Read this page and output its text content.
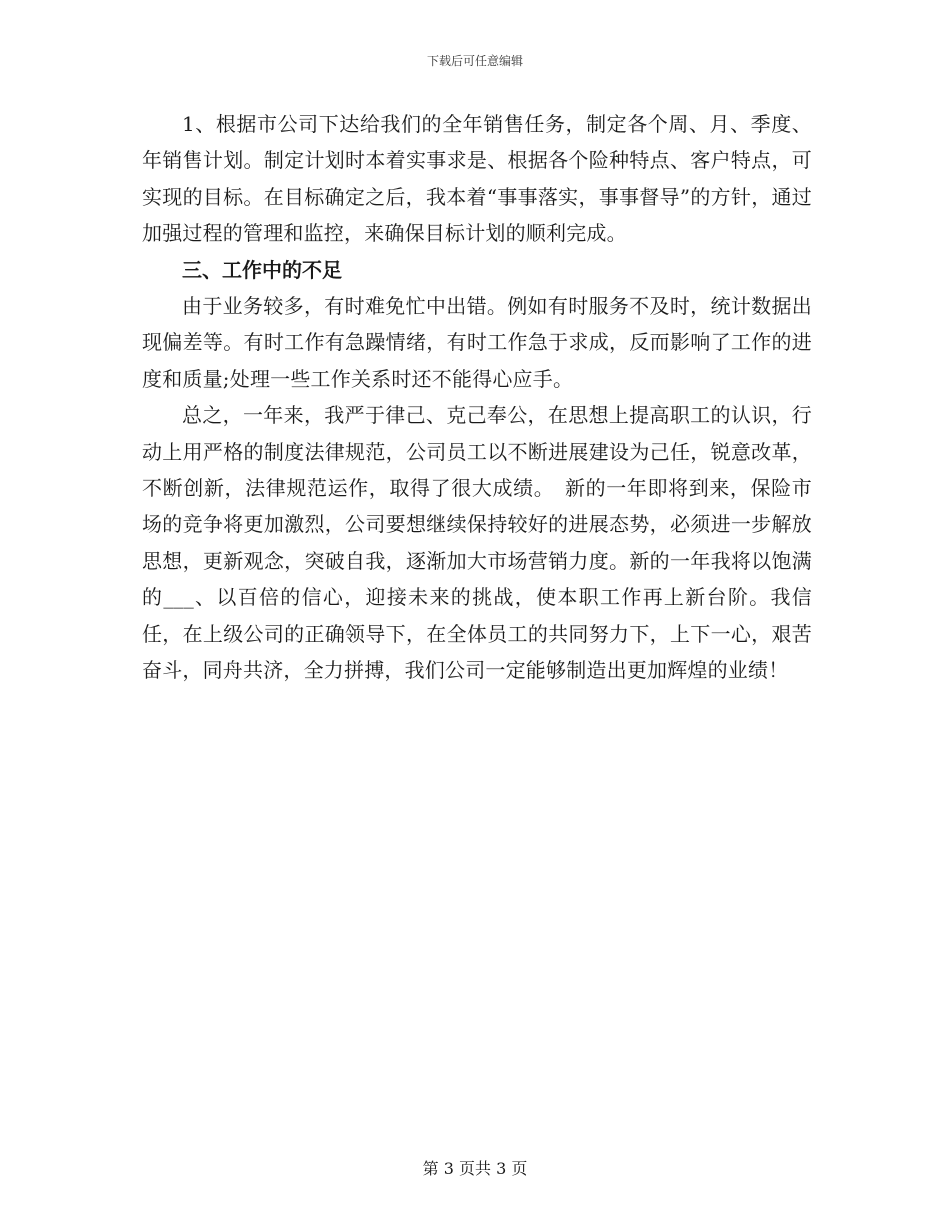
下载后可任意编辑

1、根据市公司下达给我们的全年销售任务，制定各个周、月、季度、年销售计划。制定计划时本着实事求是、根据各个险种特点、客户特点，可实现的目标。在目标确定之后，我本着“事事落实，事事督导”的方针，通过加强过程的管理和监控，来确保目标计划的顺利完成。

三、工作中的不足

由于业务较多，有时难免忙中出错。例如有时服务不及时，统计数据出现偏差等。有时工作有急躁情绪，有时工作急于求成，反而影响了工作的进度和质量;处理一些工作关系时还不能得心应手。

总之，一年来，我严于律己、克己奉公，在思想上提高职工的认识，行动上用严格的制度法律规范，公司员工以不断进展建设为己任，锐意改革，不断创新，法律规范运作，取得了很大成绩。　新的一年即将到来，保险市场的竞争将更加激烈，公司要想继续保持较好的进展态势，必须进一步解放思想，更新观念，突破自我，逐渐加大市场营销力度。新的一年我将以饱满的___、以百倍的信心，迎接未来的挑战，使本职工作再上新台阶。我信任，在上级公司的正确领导下，在全体员工的共同努力下，上下一心，艰苦奋斗，同舟共济，全力拼搏，我们公司一定能够制造出更加辉煌的业绩！

第 3 页共 3 页
